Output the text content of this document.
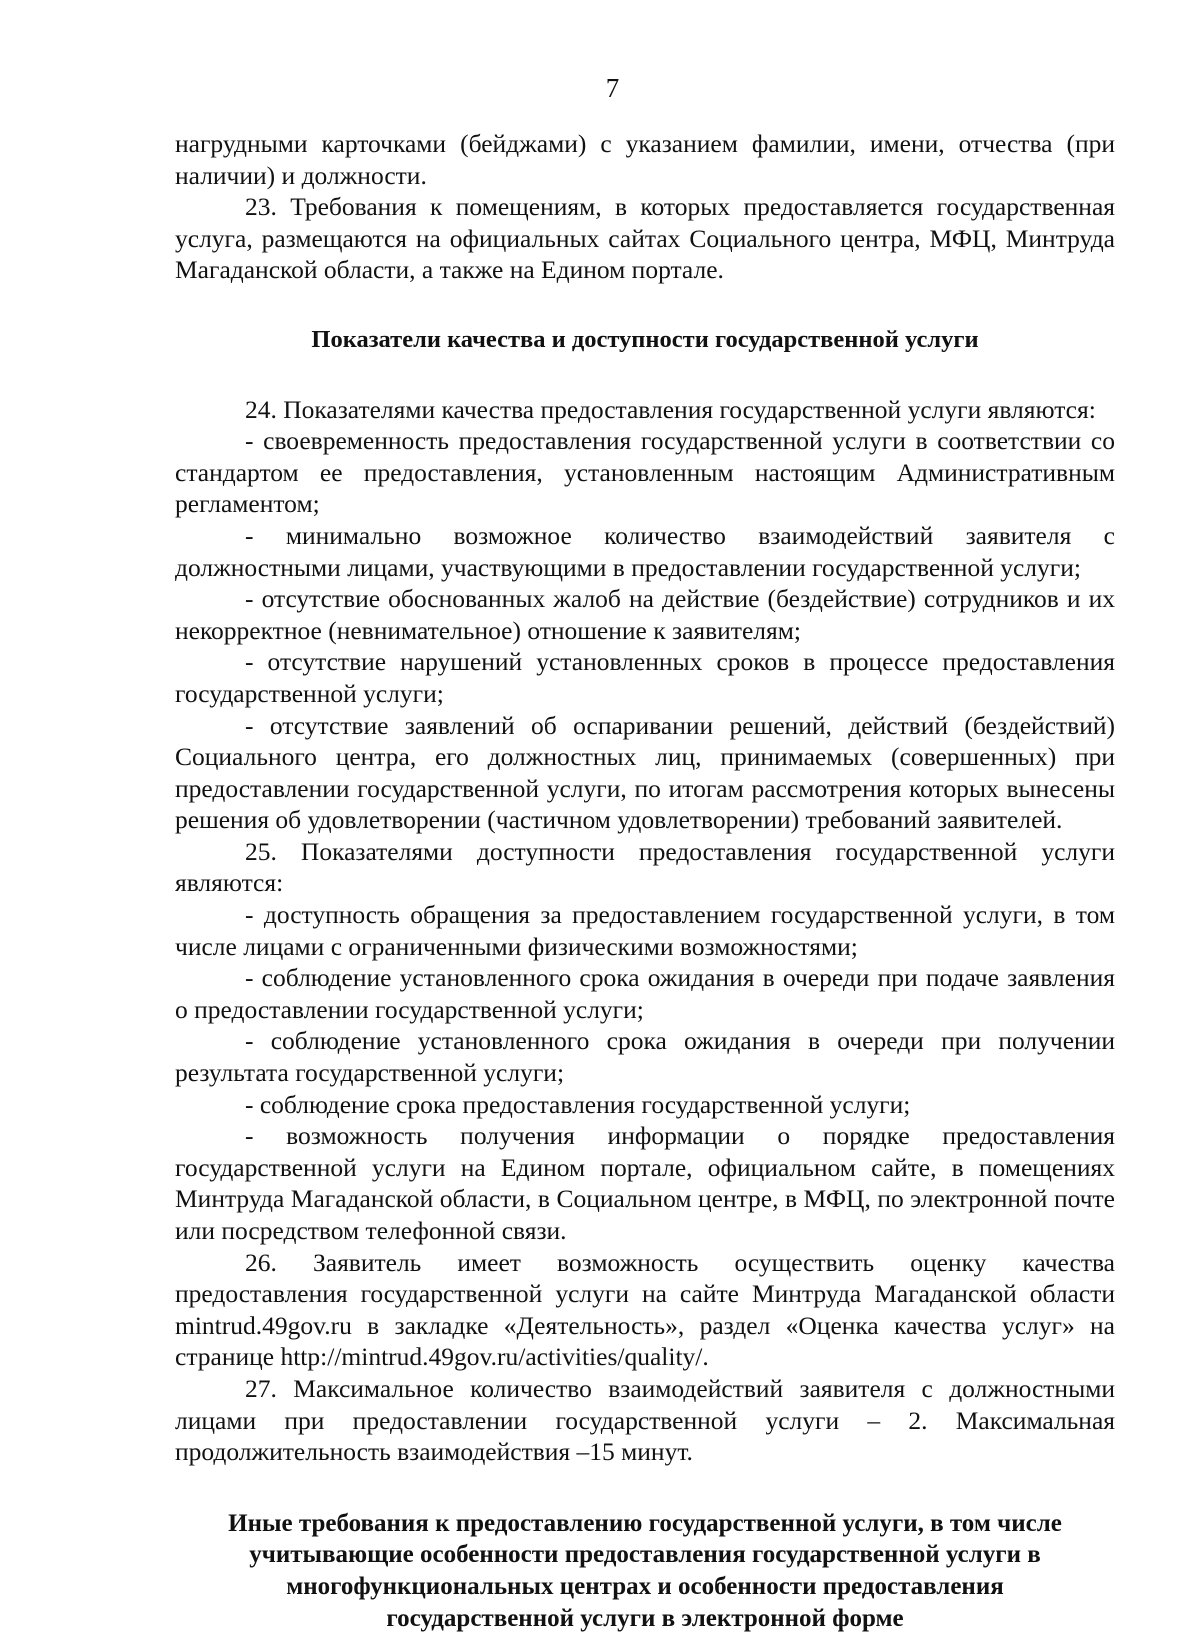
7

нагрудными карточками (бейджами) с указанием фамилии, имени, отчества (при наличии) и должности.

23. Требования к помещениям, в которых предоставляется государственная услуга, размещаются на официальных сайтах Социального центра, МФЦ, Минтруда Магаданской области, а также на Едином портале.

Показатели качества и доступности государственной услуги

24. Показателями качества предоставления государственной услуги являются:

- своевременность предоставления государственной услуги в соответствии со стандартом ее предоставления, установленным настоящим Административным регламентом;

- минимально возможное количество взаимодействий заявителя с должностными лицами, участвующими в предоставлении государственной услуги;

- отсутствие обоснованных жалоб на действие (бездействие) сотрудников и их некорректное (невнимательное) отношение к заявителям;

- отсутствие нарушений установленных сроков в процессе предоставления государственной услуги;

- отсутствие заявлений об оспаривании решений, действий (бездействий) Социального центра, его должностных лиц, принимаемых (совершенных) при предоставлении государственной услуги, по итогам рассмотрения которых вынесены решения об удовлетворении (частичном удовлетворении) требований заявителей.

25. Показателями доступности предоставления государственной услуги являются:

- доступность обращения за предоставлением государственной услуги, в том числе лицами с ограниченными физическими возможностями;

- соблюдение установленного срока ожидания в очереди при подаче заявления о предоставлении государственной услуги;

- соблюдение установленного срока ожидания в очереди при получении результата государственной услуги;

- соблюдение срока предоставления государственной услуги;

- возможность получения информации о порядке предоставления государственной услуги на Едином портале, официальном сайте, в помещениях Минтруда Магаданской области, в Социальном центре, в МФЦ, по электронной почте или посредством телефонной связи.

26. Заявитель имеет возможность осуществить оценку качества предоставления государственной услуги на сайте Минтруда Магаданской области mintrud.49gov.ru в закладке «Деятельность», раздел «Оценка качества услуг» на странице http://mintrud.49gov.ru/activities/quality/.

27. Максимальное количество взаимодействий заявителя с должностными лицами при предоставлении государственной услуги – 2. Максимальная продолжительность взаимодействия –15 минут.

Иные требования к предоставлению государственной услуги, в том числе учитывающие особенности предоставления государственной услуги в многофункциональных центрах и особенности предоставления государственной услуги в электронной форме
